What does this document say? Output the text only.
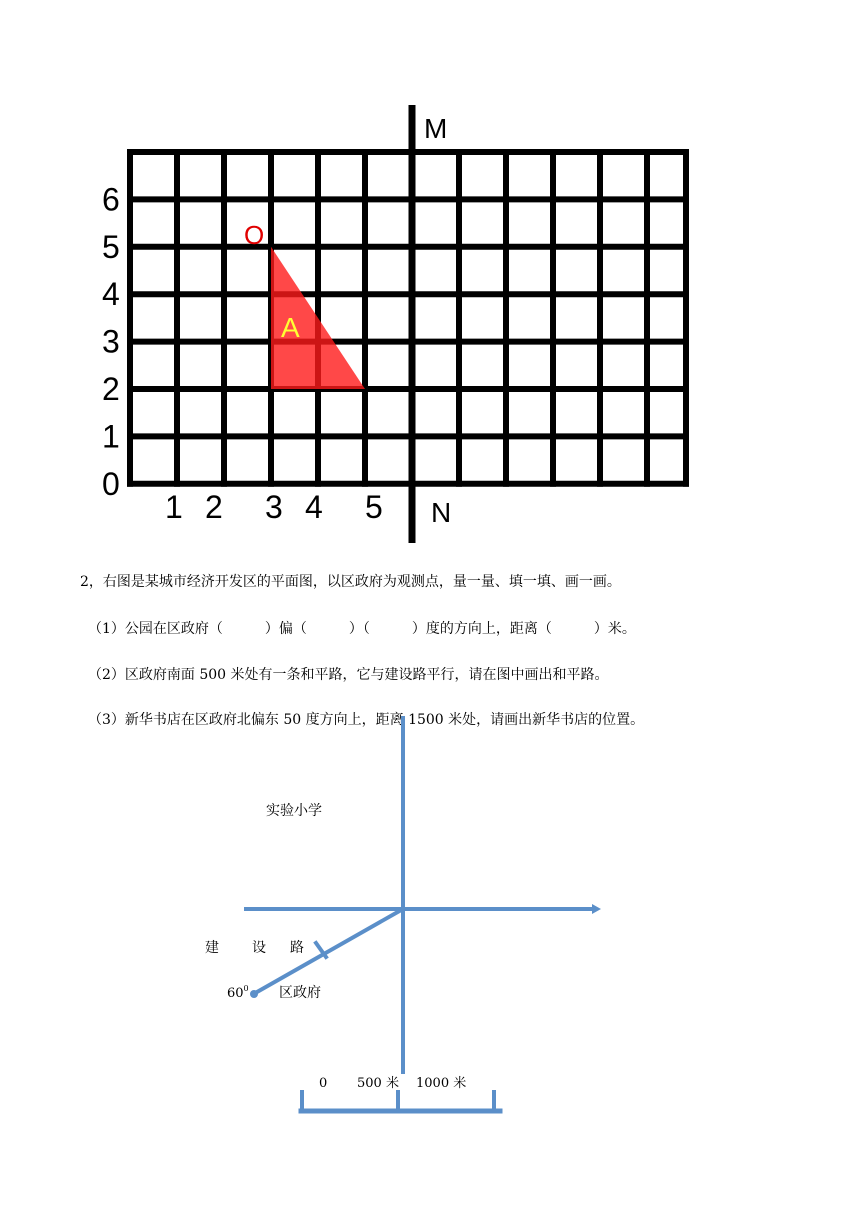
M
N
0
1
2
3
4
5
6
1 2 3 4 5
O
A
2，右图是某城市经济开发区的平面图，以区政府为观测点，量一量、填一填、画一画。
（1）公园在区政府（　　　）偏（　　　）（　　　）度的方向上，距离（　　　）米。
（2）区政府南面 500 米处有一条和平路，它与建设路平行，请在图中画出和平路。
（3）新华书店在区政府北偏东 50 度方向上，距离 1500 米处，请画出新华书店的位置。
实验小学
建 设 路
$60^0$ 区政府
0 500 米 1000 米
